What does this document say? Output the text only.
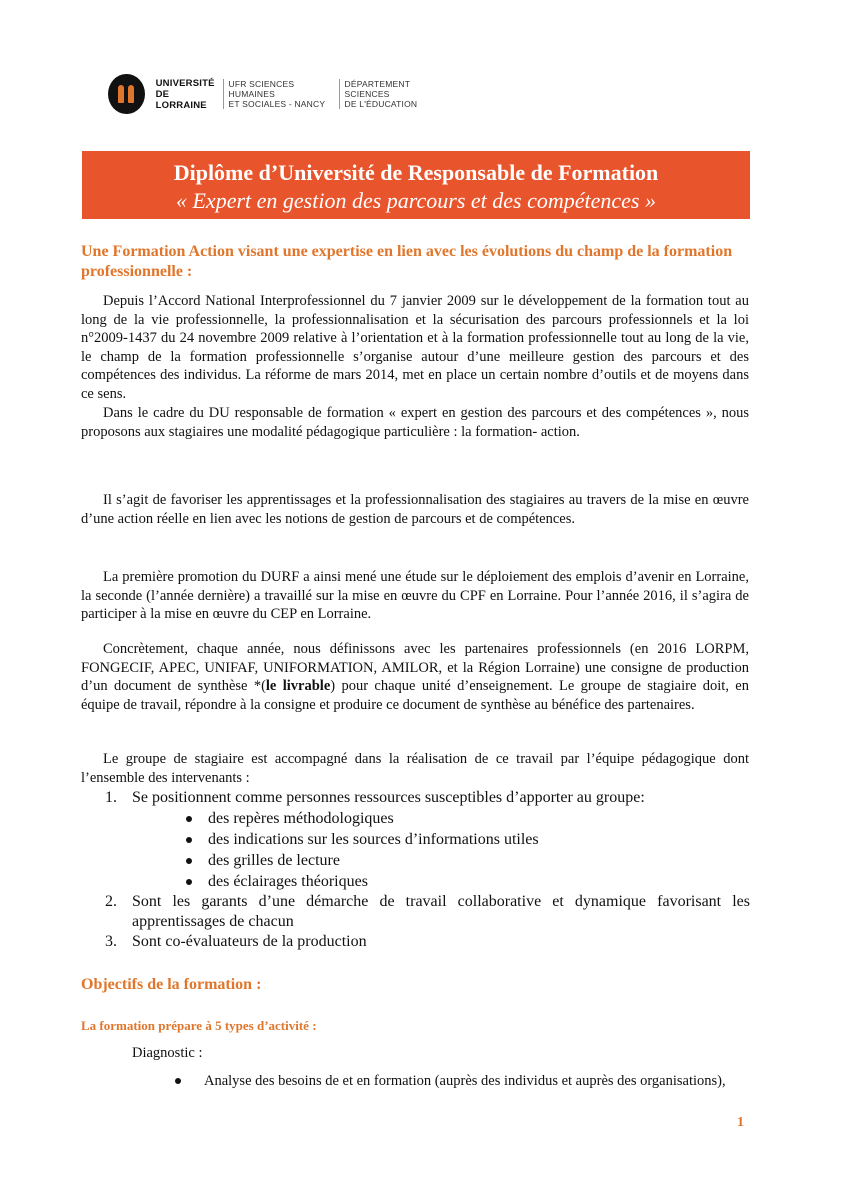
UNIVERSITÉ
DE LORRAINE
UFR SCIENCES HUMAINES
ET SOCIALES - NANCY
DÉPARTEMENT SCIENCES
DE L'ÉDUCATION
Diplôme d’Université de Responsable de Formation
« Expert en gestion des parcours et des compétences »
Une Formation Action visant une expertise en lien avec les évolutions du champ de la formation professionnelle :
Depuis l’Accord National Interprofessionnel du 7 janvier 2009 sur le développement de la formation tout au long de la vie professionnelle, la professionnalisation et la sécurisation des parcours professionnels et la loi n°2009-1437 du 24 novembre 2009 relative à l’orientation et à la formation professionnelle tout au long de la vie, le champ de la formation professionnelle s’organise autour d’une meilleure gestion des parcours et des compétences des individus. La réforme de mars 2014, met en place un certain nombre d’outils et de moyens dans ce sens.
Dans le cadre du DU responsable de formation « expert en gestion des parcours et des compétences », nous proposons aux stagiaires une modalité pédagogique particulière : la formation- action.
Il s’agit de favoriser les apprentissages et la professionnalisation des stagiaires au travers de la mise en œuvre d’une action réelle en lien avec les notions de gestion de parcours et de compétences.
La première promotion du DURF a ainsi mené une étude sur le déploiement des emplois d’avenir en Lorraine, la seconde (l’année dernière) a travaillé sur la mise en œuvre du CPF en Lorraine. Pour l’année 2016, il s’agira de participer à la mise en œuvre du CEP en Lorraine.
Concrètement, chaque année, nous définissons avec les partenaires professionnels (en 2016 LORPM, FONGECIF, APEC, UNIFAF, UNIFORMATION, AMILOR, et la Région Lorraine) une consigne de production d’un document de synthèse *(le livrable) pour chaque unité d’enseignement. Le groupe de stagiaire doit, en équipe de travail, répondre à la consigne et produire ce document de synthèse au bénéfice des partenaires.
Le groupe de stagiaire est accompagné dans la réalisation de ce travail par l’équipe pédagogique dont l’ensemble des intervenants :
1. Se positionnent comme personnes ressources susceptibles d’apporter au groupe:
des repères méthodologiques
des indications sur les sources d’informations utiles
des grilles de lecture
des éclairages théoriques
2. Sont les garants d’une démarche de travail collaborative et dynamique favorisant les apprentissages de chacun
3. Sont co-évaluateurs de la production
Objectifs de la formation :
La formation prépare à 5 types d’activité :
Diagnostic :
Analyse des besoins de et en formation (auprès des individus et auprès des organisations),
1
